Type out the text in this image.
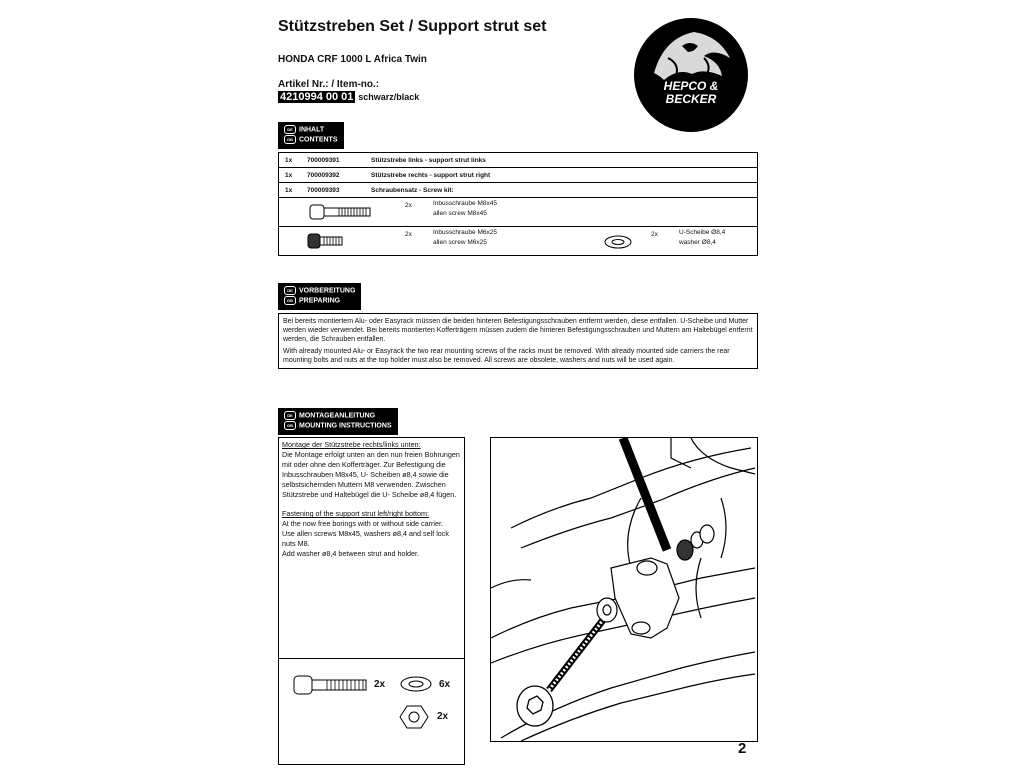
Stützstreben Set / Support strut set
HONDA CRF 1000 L Africa Twin
Artikel Nr.: / Item-no.:
4210994 00 01 schwarz/black
HEPCO &
BECKER
DE INHALT
GB CONTENTS
1x	700009391	Stützstrebe links - support strut links
1x	700009392	Stützstrebe rechts - support strut right
1x	700009393	Schraubensatz - Screw kit:
2x	Inbusschraube M8x45
allen screw M8x45
2x	Inbusschraube M6x25
allen screw M6x25
2x	U-Scheibe Ø8,4
washer Ø8,4
DE VORBEREITUNG
GB PREPARING

Bei bereits montiertem Alu- oder Easyrack müssen die beiden hinteren Befestigungsschrauben entfernt werden, diese entfallen. U-Scheibe und Mutter werden wieder verwendet. Bei bereits montierten Kofferträgern müssen zudem die hinteren Befestigungsschrauben und Muttern am Haltebügel entfernt werden, die Schrauben entfallen.

With already mounted Alu- or Easyrack the two rear mounting screws of the racks must be removed. With already mounted side carriers the rear mounting bolts and nuts at the top holder must also be removed. All screws are obsolete, washers and nuts will be used again.

DE MONTAGEANLEITUNG
GB MOUNTING INSTRUCTIONS
Montage der Stützstrebe rechts/links unten:
Die Montage erfolgt unten an den nun freien Bohrungen mit oder ohne den Kofferträger. Zur Befestigung die Inbusschrauben M8x45, U- Scheiben ø8,4 sowie die selbstsichernden Muttern M8 verwenden. Zwischen Stützstrebe und Haltebügel die U- Scheibe ø8,4 fügen.
Fastening of the support strut left/right bottom:
At the now free borings with or without side carrier.
Use allen screws M8x45, washers ø8,4 and self lock nuts M8.
Add washer ø8,4 between strut and holder.
2x	6x
2x
2
